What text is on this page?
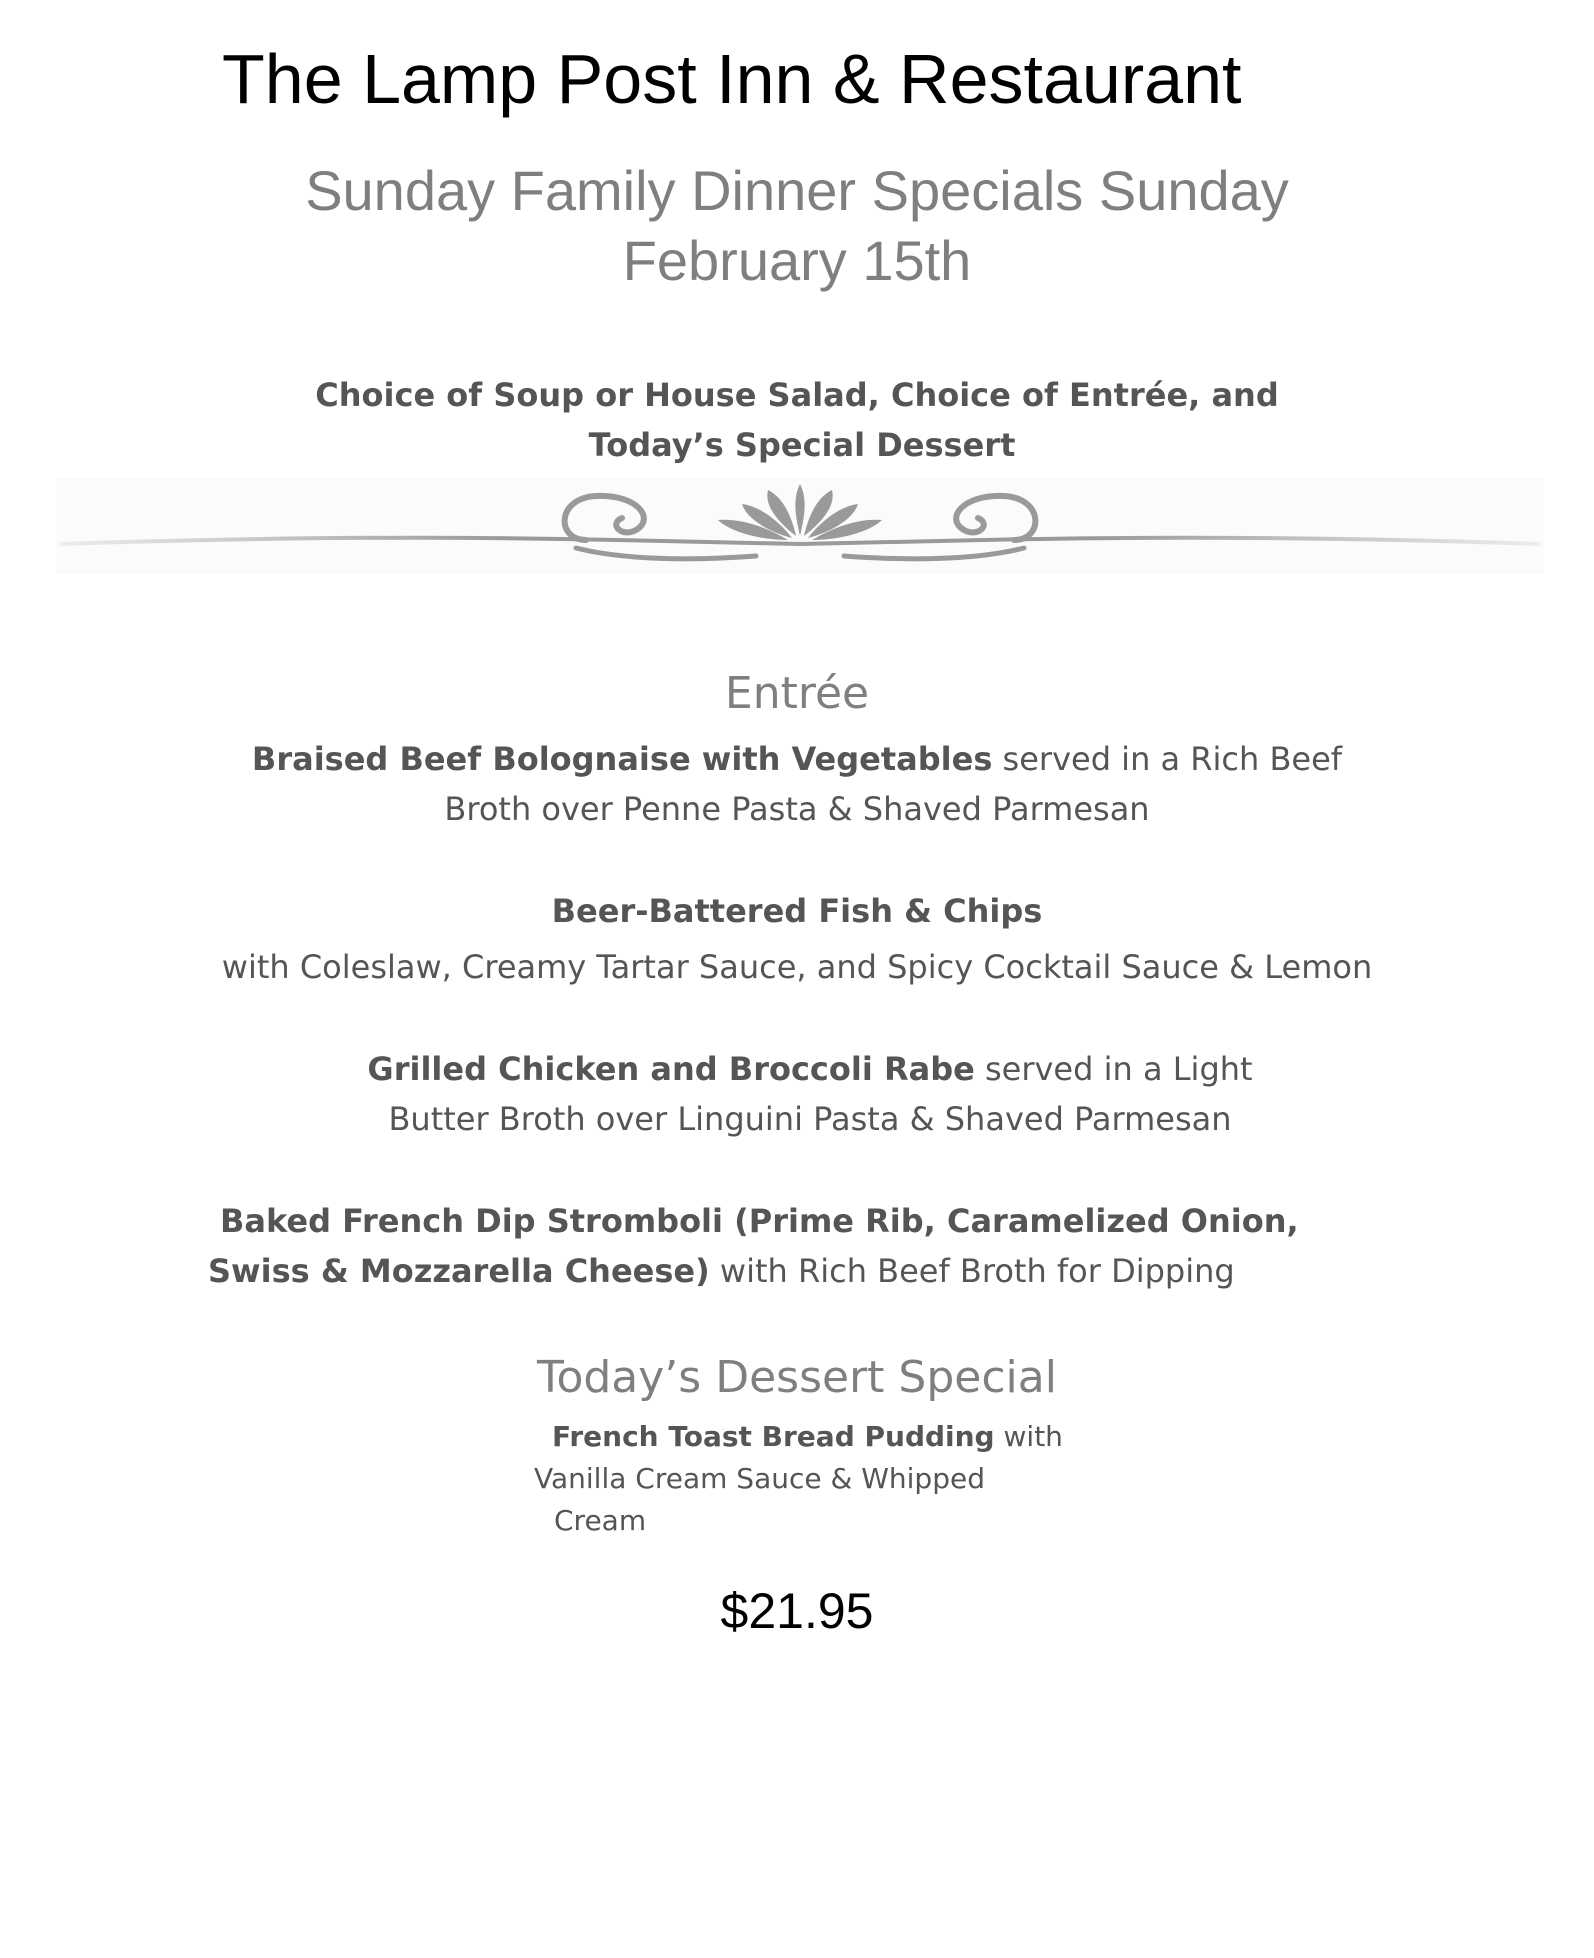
The Lamp Post Inn & Restaurant
Sunday Family Dinner Specials Sunday
February 15th
Choice of Soup or House Salad, Choice of Entrée, and
Today’s Special Dessert
Entrée
Braised Beef Bolognaise with Vegetables served in a Rich Beef
Broth over Penne Pasta & Shaved Parmesan
Beer-Battered Fish & Chips
with Coleslaw, Creamy Tartar Sauce, and Spicy Cocktail Sauce & Lemon
Grilled Chicken and Broccoli Rabe served in a Light
Butter Broth over Linguini Pasta & Shaved Parmesan
Baked French Dip Stromboli (Prime Rib, Caramelized Onion,
Swiss & Mozzarella Cheese) with Rich Beef Broth for Dipping
Today’s Dessert Special
French Toast Bread Pudding with
Vanilla Cream Sauce & Whipped
Cream
$21.95
